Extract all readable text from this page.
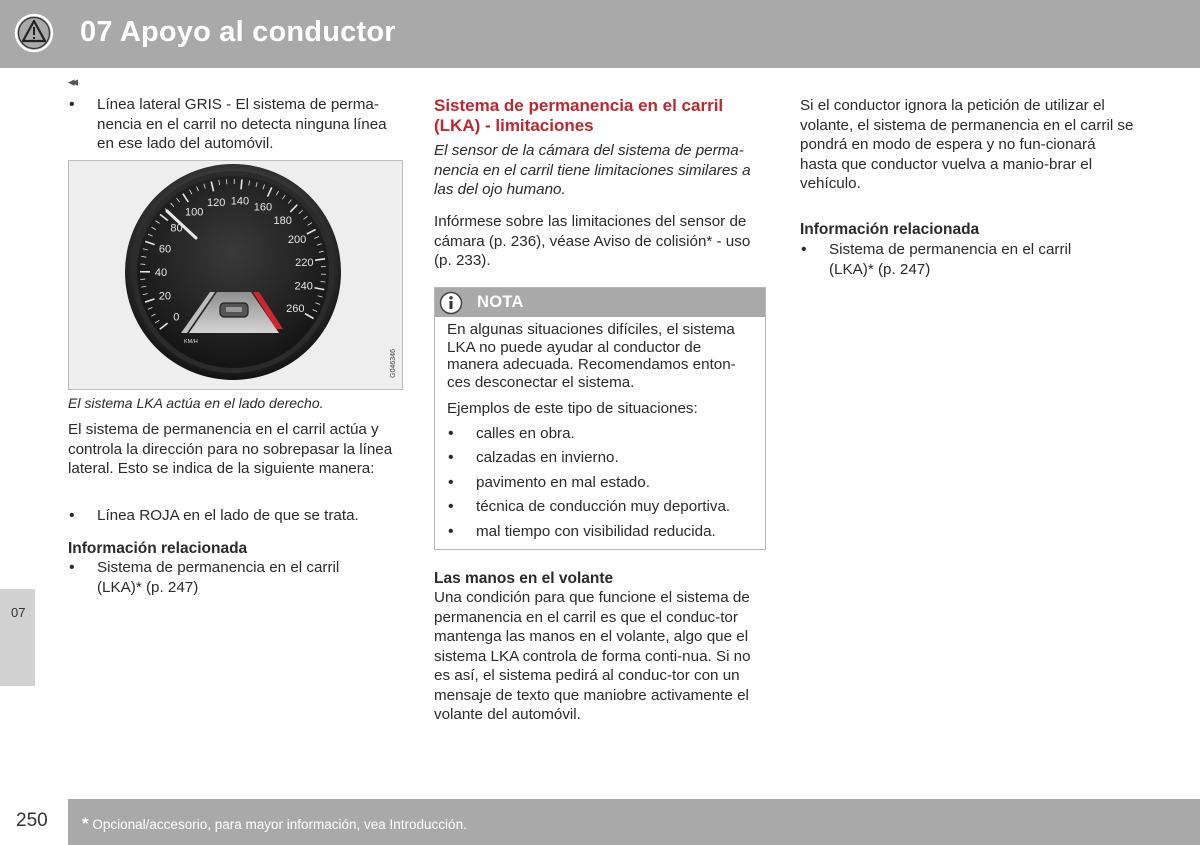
07 Apoyo al conductor
◂◂
07
• Línea lateral GRIS - El sistema de perma-nencia en el carril no detecta ninguna línea en ese lado del automóvil.
0
20
40
60
80
100
120 140
160
180
200
220
240
260
KM/H
G046346
El sistema LKA actúa en el lado derecho.
El sistema de permanencia en el carril actúa y controla la dirección para no sobrepasar la línea lateral. Esto se indica de la siguiente manera:
• Línea ROJA en el lado de que se trata.
Información relacionada
• Sistema de permanencia en el carril (LKA)* (p. 247)
Sistema de permanencia en el carril (LKA) - limitaciones
El sensor de la cámara del sistema de perma-nencia en el carril tiene limitaciones similares a las del ojo humano.
Infórmese sobre las limitaciones del sensor de cámara (p. 236), véase Aviso de colisión* - uso (p. 233).
NOTA
En algunas situaciones difíciles, el sistema LKA no puede ayudar al conductor de manera adecuada. Recomendamos enton-ces desconectar el sistema.
Ejemplos de este tipo de situaciones:
• calles en obra.
• calzadas en invierno.
• pavimento en mal estado.
• técnica de conducción muy deportiva.
• mal tiempo con visibilidad reducida.
Las manos en el volante
Una condición para que funcione el sistema de permanencia en el carril es que el conduc-tor mantenga las manos en el volante, algo que el sistema LKA controla de forma conti-nua. Si no es así, el sistema pedirá al conduc-tor con un mensaje de texto que maniobre activamente el volante del automóvil.
Si el conductor ignora la petición de utilizar el volante, el sistema de permanencia en el carril se pondrá en modo de espera y no fun-cionará hasta que conductor vuelva a manio-brar el vehículo.
Información relacionada
• Sistema de permanencia en el carril (LKA)* (p. 247)
250 * Opcional/accesorio, para mayor información, vea Introducción.
